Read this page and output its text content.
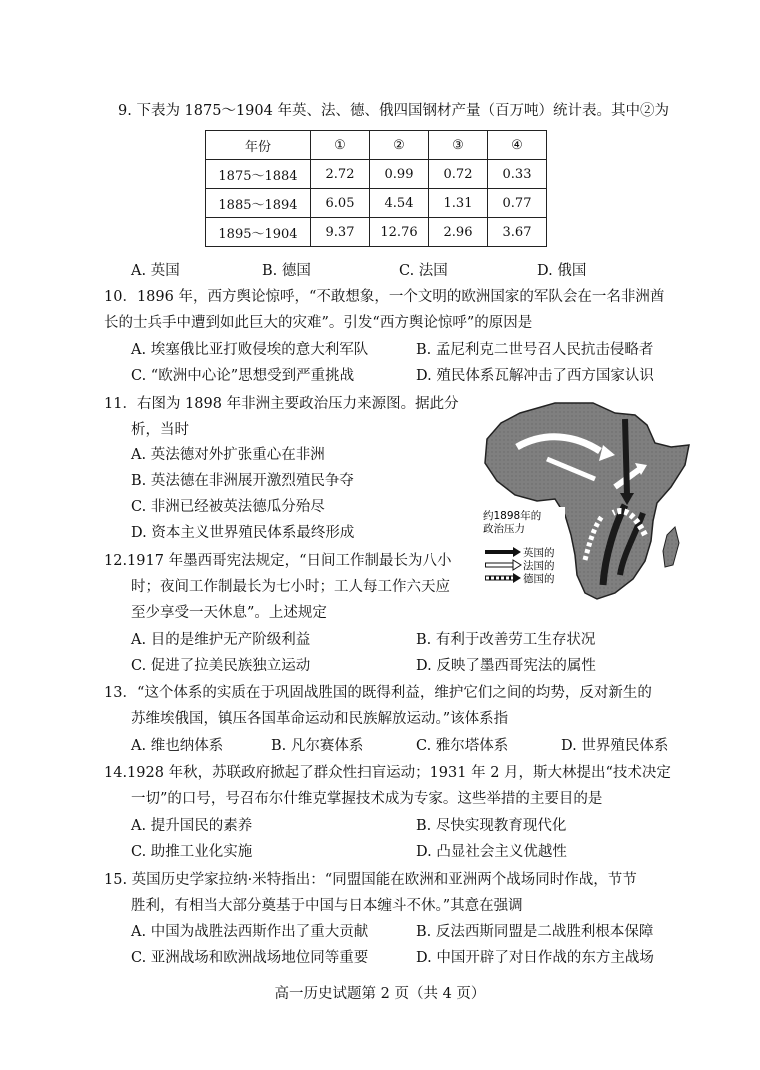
9. 下表为 1875～1904 年英、法、德、俄四国钢材产量（百万吨）统计表。其中②为
年份	①	②	③	④
1875～1884	2.72	0.99	0.72	0.33
1885～1894	6.05	4.54	1.31	0.77
1895～1904	9.37	12.76	2.96	3.67
A. 英国	B. 德国	C. 法国	D. 俄国
10．1896 年，西方舆论惊呼，“不敢想象，一个文明的欧洲国家的军队会在一名非洲酋
长的士兵手中遭到如此巨大的灾难”。引发“西方舆论惊呼”的原因是
A. 埃塞俄比亚打败侵埃的意大利军队	B. 孟尼利克二世号召人民抗击侵略者
C. “欧洲中心论”思想受到严重挑战	D. 殖民体系瓦解冲击了西方国家认识
11．右图为 1898 年非洲主要政治压力来源图。据此分
析，当时
A. 英法德对外扩张重心在非洲
B. 英法德在非洲展开激烈殖民争夺
C. 非洲已经被英法德瓜分殆尽
D. 资本主义世界殖民体系最终形成
约1898年的
政治压力
英国的
法国的
德国的
12.1917 年墨西哥宪法规定，“日间工作制最长为八小
时；夜间工作制最长为七小时；工人每工作六天应
至少享受一天休息”。上述规定
A. 目的是维护无产阶级利益	B. 有利于改善劳工生存状况
C. 促进了拉美民族独立运动	D. 反映了墨西哥宪法的属性
13．“这个体系的实质在于巩固战胜国的既得利益，维护它们之间的均势，反对新生的
苏维埃俄国，镇压各国革命运动和民族解放运动。”该体系指
A. 维也纳体系	B. 凡尔赛体系	C. 雅尔塔体系	D. 世界殖民体系
14.1928 年秋，苏联政府掀起了群众性扫盲运动；1931 年 2 月，斯大林提出“技术决定
一切”的口号，号召布尔什维克掌握技术成为专家。这些举措的主要目的是
A. 提升国民的素养	B. 尽快实现教育现代化
C. 助推工业化实施	D. 凸显社会主义优越性
15. 英国历史学家拉纳·米特指出：“同盟国能在欧洲和亚洲两个战场同时作战，节节
胜利，有相当大部分奠基于中国与日本缠斗不休。”其意在强调
A. 中国为战胜法西斯作出了重大贡献	B. 反法西斯同盟是二战胜利根本保障
C. 亚洲战场和欧洲战场地位同等重要	D. 中国开辟了对日作战的东方主战场
高一历史试题第 2 页（共 4 页）
